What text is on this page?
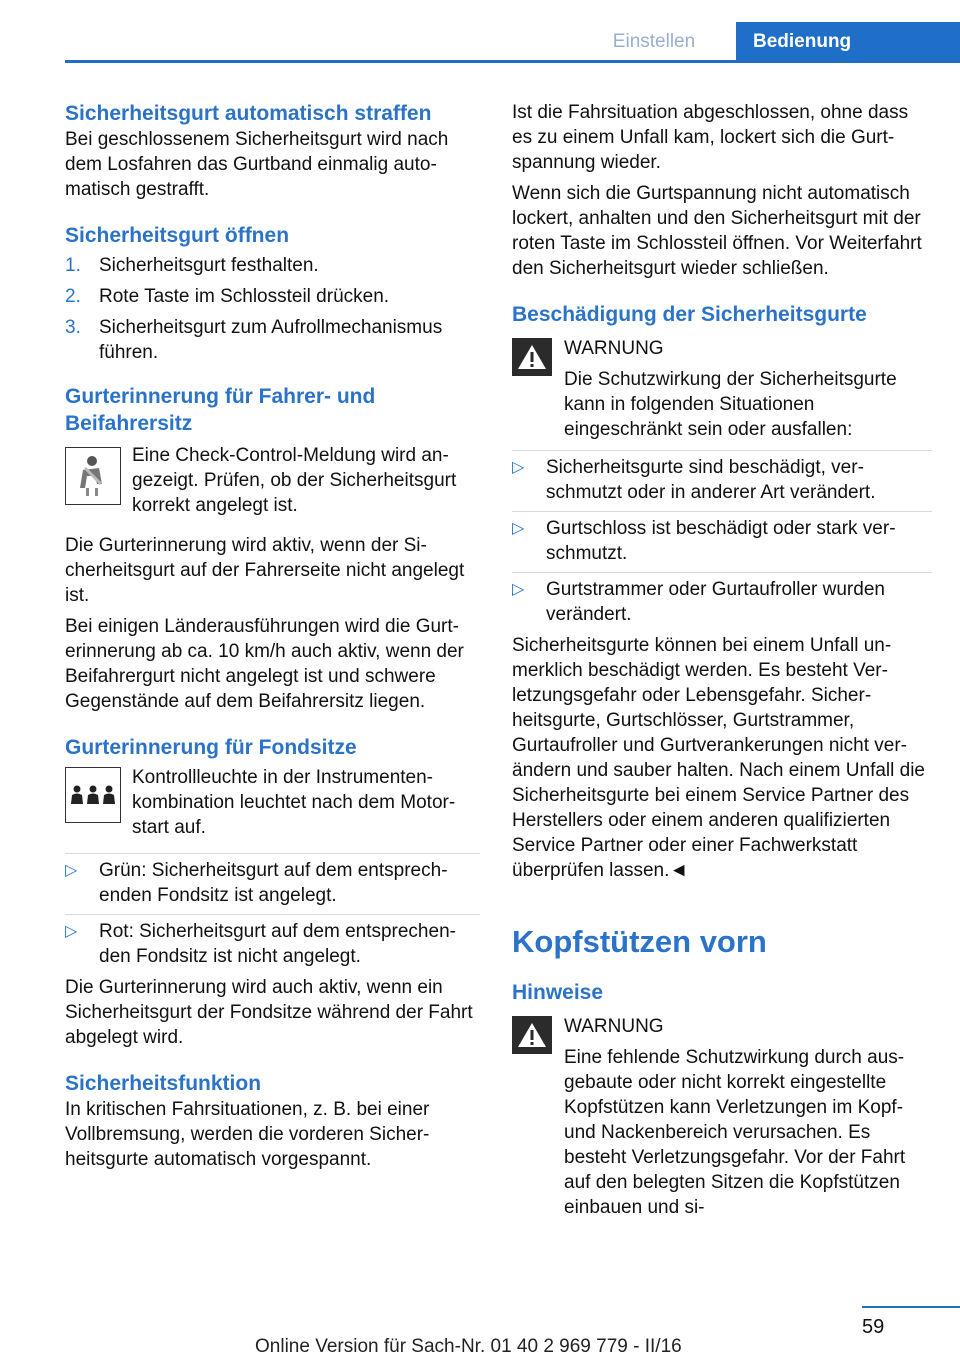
Einstellen	Bedienung
Sicherheitsgurt automatisch straffen

Bei geschlossenem Sicherheitsgurt wird nach dem Losfahren das Gurtband einmalig automatisch gestrafft.

Sicherheitsgurt öffnen
1. Sicherheitsgurt festhalten.
2. Rote Taste im Schlossteil drücken.
3. Sicherheitsgurt zum Aufrollmechanismus führen.
Gurterinnerung für Fahrer- und Beifahrersitz

Eine Check-Control-Meldung wird angezeigt. Prüfen, ob der Sicherheitsgurt korrekt angelegt ist.

Die Gurterinnerung wird aktiv, wenn der Sicherheitsgurt auf der Fahrerseite nicht angelegt ist.

Bei einigen Länderausführungen wird die Gurterinnerung ab ca. 10 km/h auch aktiv, wenn der Beifahrergurt nicht angelegt ist und schwere Gegenstände auf dem Beifahrersitz liegen.

Gurterinnerung für Fondsitze

Kontrollleuchte in der Instrumentenkombination leuchtet nach dem Motorstart auf.

▷ Grün: Sicherheitsgurt auf dem entsprechenden Fondsitz ist angelegt.
▷ Rot: Sicherheitsgurt auf dem entsprechenden Fondsitz ist nicht angelegt.

Die Gurterinnerung wird auch aktiv, wenn ein Sicherheitsgurt der Fondsitze während der Fahrt abgelegt wird.

Sicherheitsfunktion

In kritischen Fahrsituationen, z. B. bei einer Vollbremsung, werden die vorderen Sicherheitsgurte automatisch vorgespannt.

Ist die Fahrsituation abgeschlossen, ohne dass es zu einem Unfall kam, lockert sich die Gurtspannung wieder.

Wenn sich die Gurtspannung nicht automatisch lockert, anhalten und den Sicherheitsgurt mit der roten Taste im Schlossteil öffnen. Vor Weiterfahrt den Sicherheitsgurt wieder schließen.

Beschädigung der Sicherheitsgurte

WARNUNG

Die Schutzwirkung der Sicherheitsgurte kann in folgenden Situationen eingeschränkt sein oder ausfallen:

▷ Sicherheitsgurte sind beschädigt, verschmutzt oder in anderer Art verändert.
▷ Gurtschloss ist beschädigt oder stark verschmutzt.
▷ Gurtstrammer oder Gurtaufroller wurden verändert.

Sicherheitsgurte können bei einem Unfall unmerklich beschädigt werden. Es besteht Verletzungsgefahr oder Lebensgefahr. Sicherheitsgurte, Gurtschlösser, Gurtstrammer, Gurtaufroller und Gurtverankerungen nicht verändern und sauber halten. Nach einem Unfall die Sicherheitsgurte bei einem Service Partner des Herstellers oder einem anderen qualifizierten Service Partner oder einer Fachwerkstatt überprüfen lassen.◄

Kopfstützen vorn
Hinweise

WARNUNG

Eine fehlende Schutzwirkung durch ausgebaute oder nicht korrekt eingestellte Kopfstützen kann Verletzungen im Kopf- und Nackenbereich verursachen. Es besteht Verletzungsgefahr. Vor der Fahrt auf den belegten Sitzen die Kopfstützen einbauen und si-

59
Online Version für Sach-Nr. 01 40 2 969 779 - II/16
